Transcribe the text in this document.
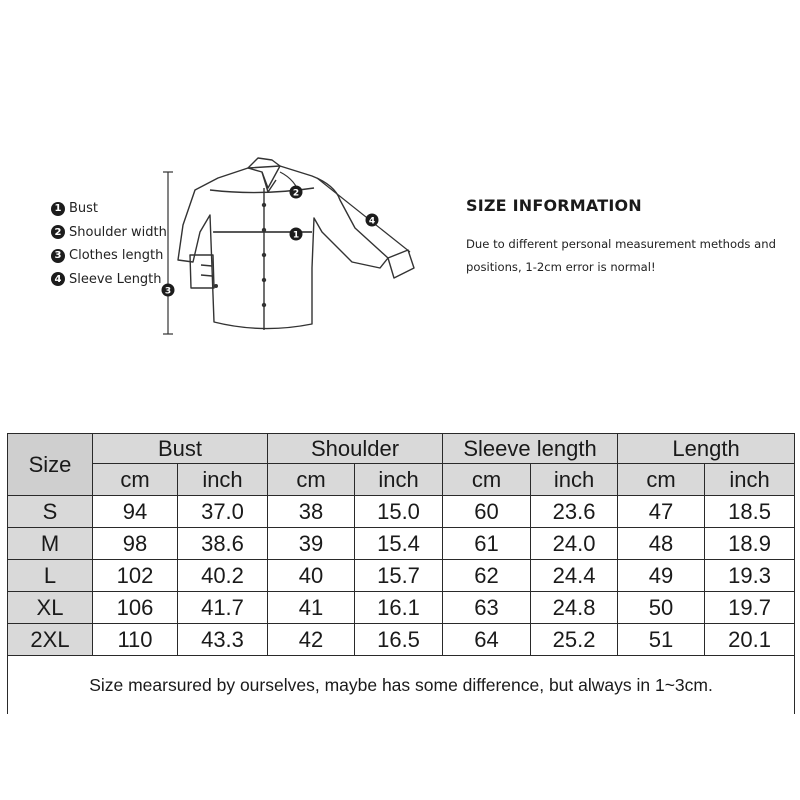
1 Bust
2 Shoulder width
3 Clothes length
4 Sleeve Length
1
2
3
4
SIZE INFORMATION
Due to different personal measurement methods and
positions, 1-2cm error is normal!
Size	Bust		Shoulder		Sleeve length		Length	
	cm	inch	cm	inch	cm	inch	cm	inch
S	94	37.0	38	15.0	60	23.6	47	18.5
M	98	38.6	39	15.4	61	24.0	48	18.9
L	102	40.2	40	15.7	62	24.4	49	19.3
XL	106	41.7	41	16.1	63	24.8	50	19.7
2XL	110	43.3	42	16.5	64	25.2	51	20.1
Size mearsured by ourselves, maybe has some difference, but always in 1~3cm.								
